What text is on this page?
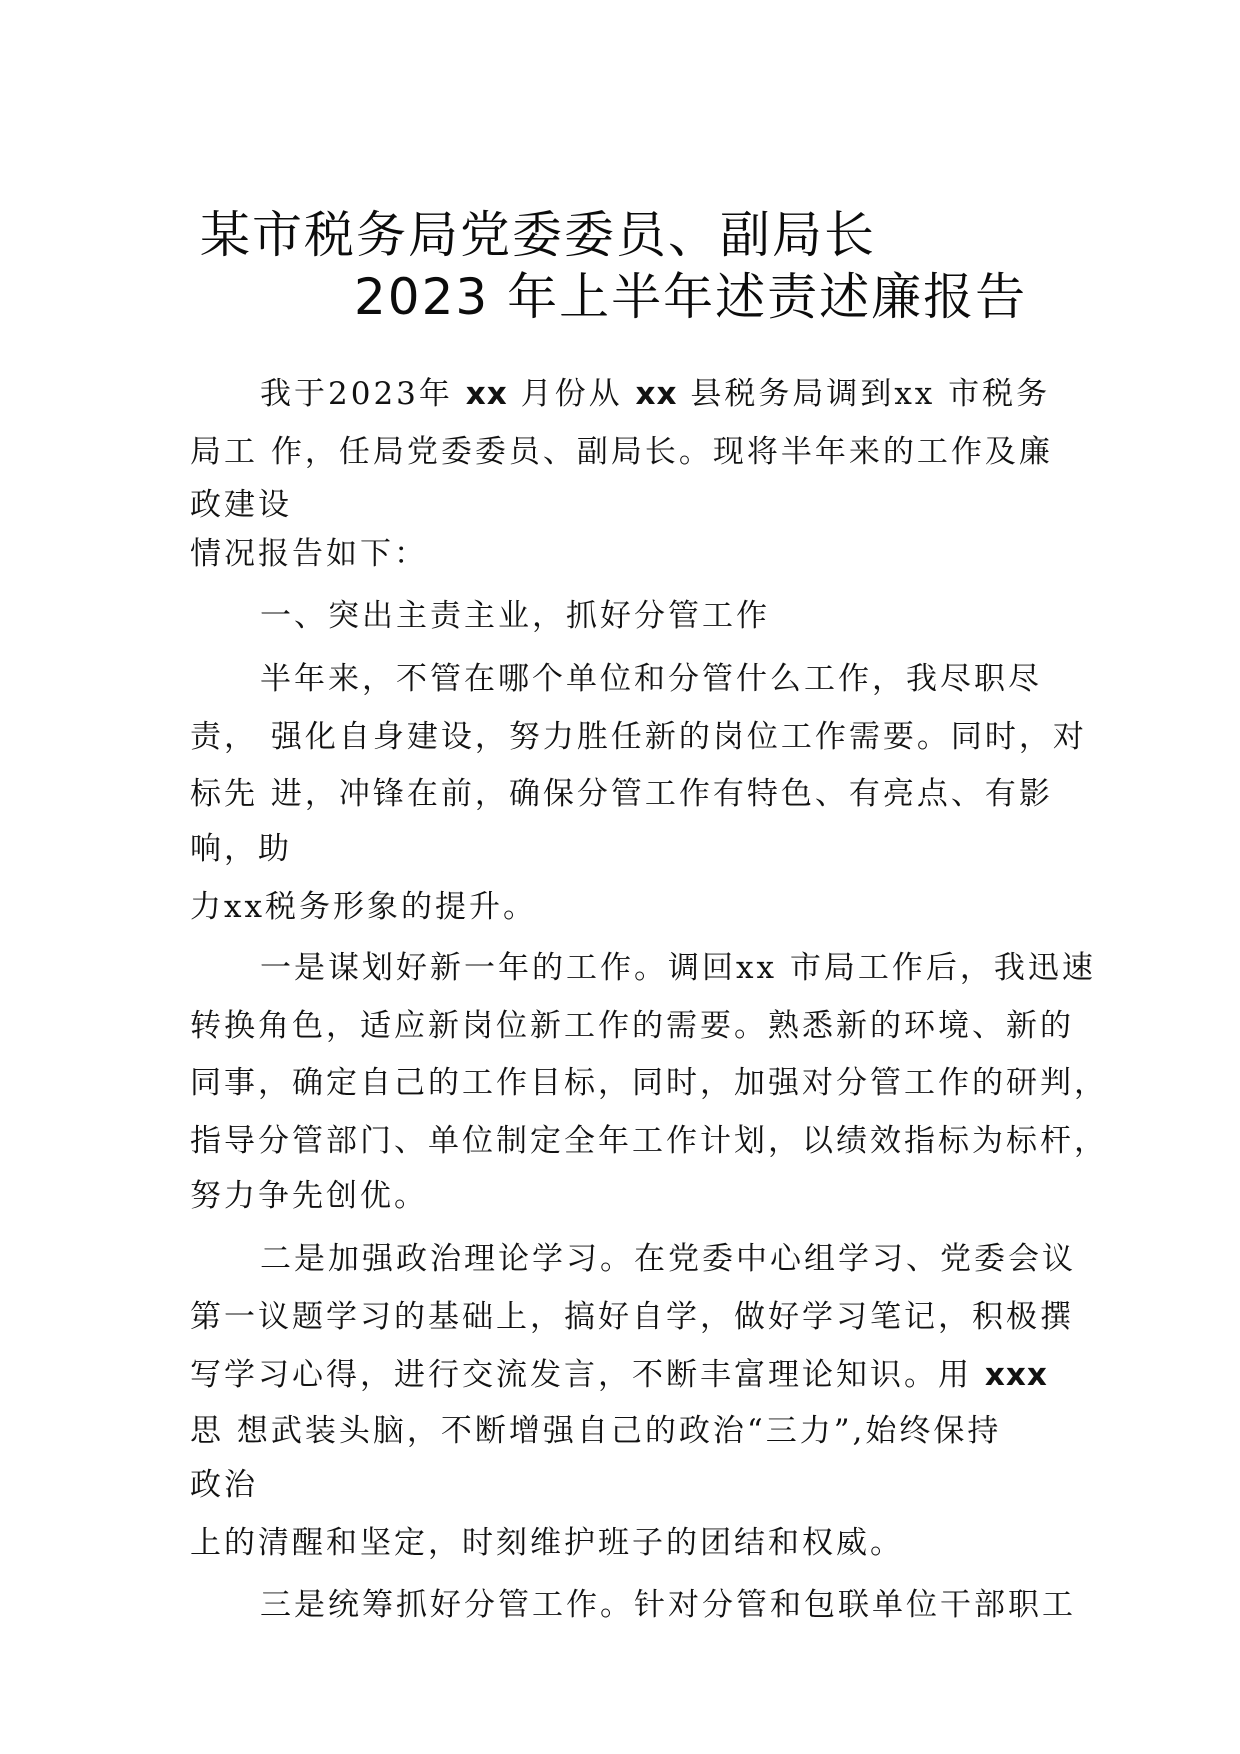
某市税务局党委委员、副局长
2023 年上半年述责述廉报告
我于2023年 xx 月份从 xx 县税务局调到xx 市税务
局工 作，任局党委委员、副局长。现将半年来的工作及廉
政建设
情况报告如下：
一、突出主责主业，抓好分管工作
半年来，不管在哪个单位和分管什么工作，我尽职尽
责， 强化自身建设，努力胜任新的岗位工作需要。同时，对
标先 进，冲锋在前，确保分管工作有特色、有亮点、有影
响，助
力xx税务形象的提升。
一是谋划好新一年的工作。调回xx 市局工作后，我迅速
转换角色，适应新岗位新工作的需要。熟悉新的环境、新的
同事，确定自己的工作目标，同时，加强对分管工作的研判，
指导分管部门、单位制定全年工作计划，以绩效指标为标杆，
努力争先创优。
二是加强政治理论学习。在党委中心组学习、党委会议
第一议题学习的基础上，搞好自学，做好学习笔记，积极撰
写学习心得，进行交流发言，不断丰富理论知识。用 xxx
思 想武装头脑，不断增强自己的政治“三力”,始终保持
政治
上的清醒和坚定，时刻维护班子的团结和权威。
三是统筹抓好分管工作。针对分管和包联单位干部职工
